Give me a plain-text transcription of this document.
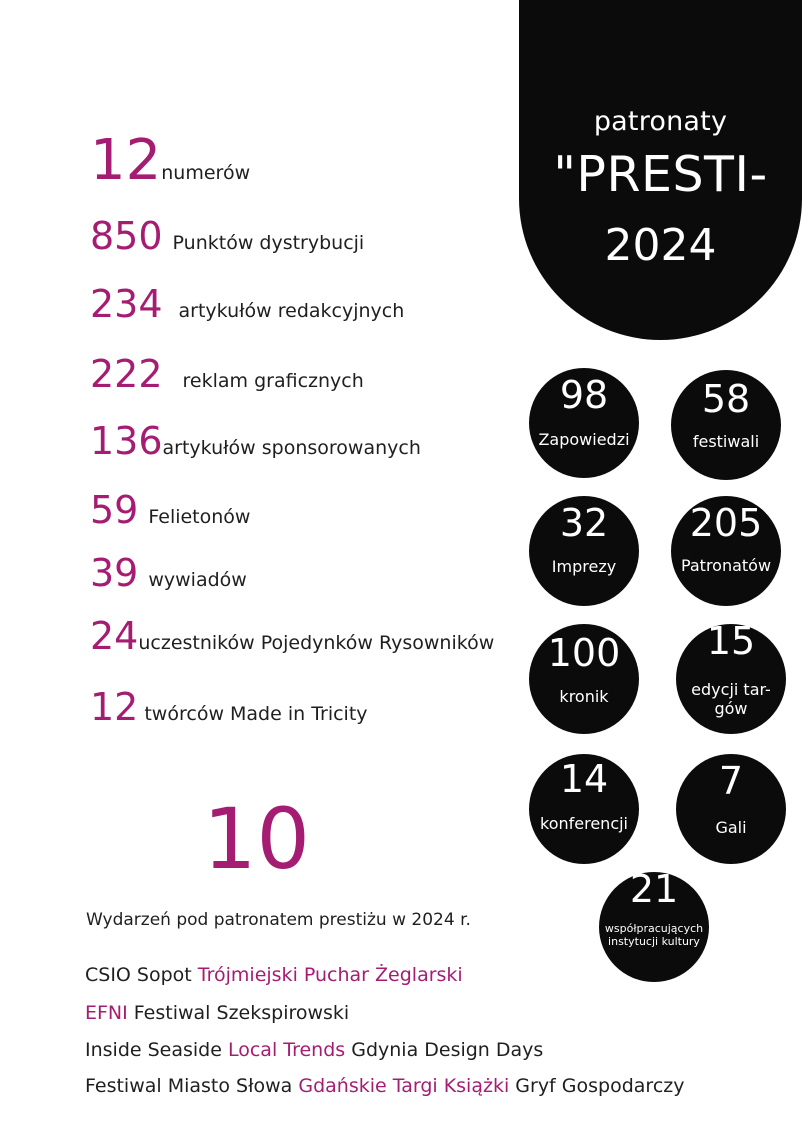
patronaty
"PRESTI-
2024
12numerów
850 Punktów dystrybucji
234 artykułów redakcyjnych
222 reklam graficznych
136artykułów sponsorowanych
59 Felietonów
39 wywiadów
24uczestników Pojedynków Rysowników
12 twórców Made in Tricity
10
Wydarzeń pod patronatem prestiżu w 2024 r.
CSIO Sopot Trójmiejski Puchar Żeglarski
EFNI Festiwal Szekspirowski
Inside Seaside Local Trends Gdynia Design Days
Festiwal Miasto Słowa Gdańskie Targi Książki Gryf Gospodarczy
98
Zapowiedzi
58
festiwali
32
Imprezy
205
Patronatów
100
kronik
15
edycji tar-
gów
14
konferencji
7
Gali
21
współpracujących
instytucji kultury
